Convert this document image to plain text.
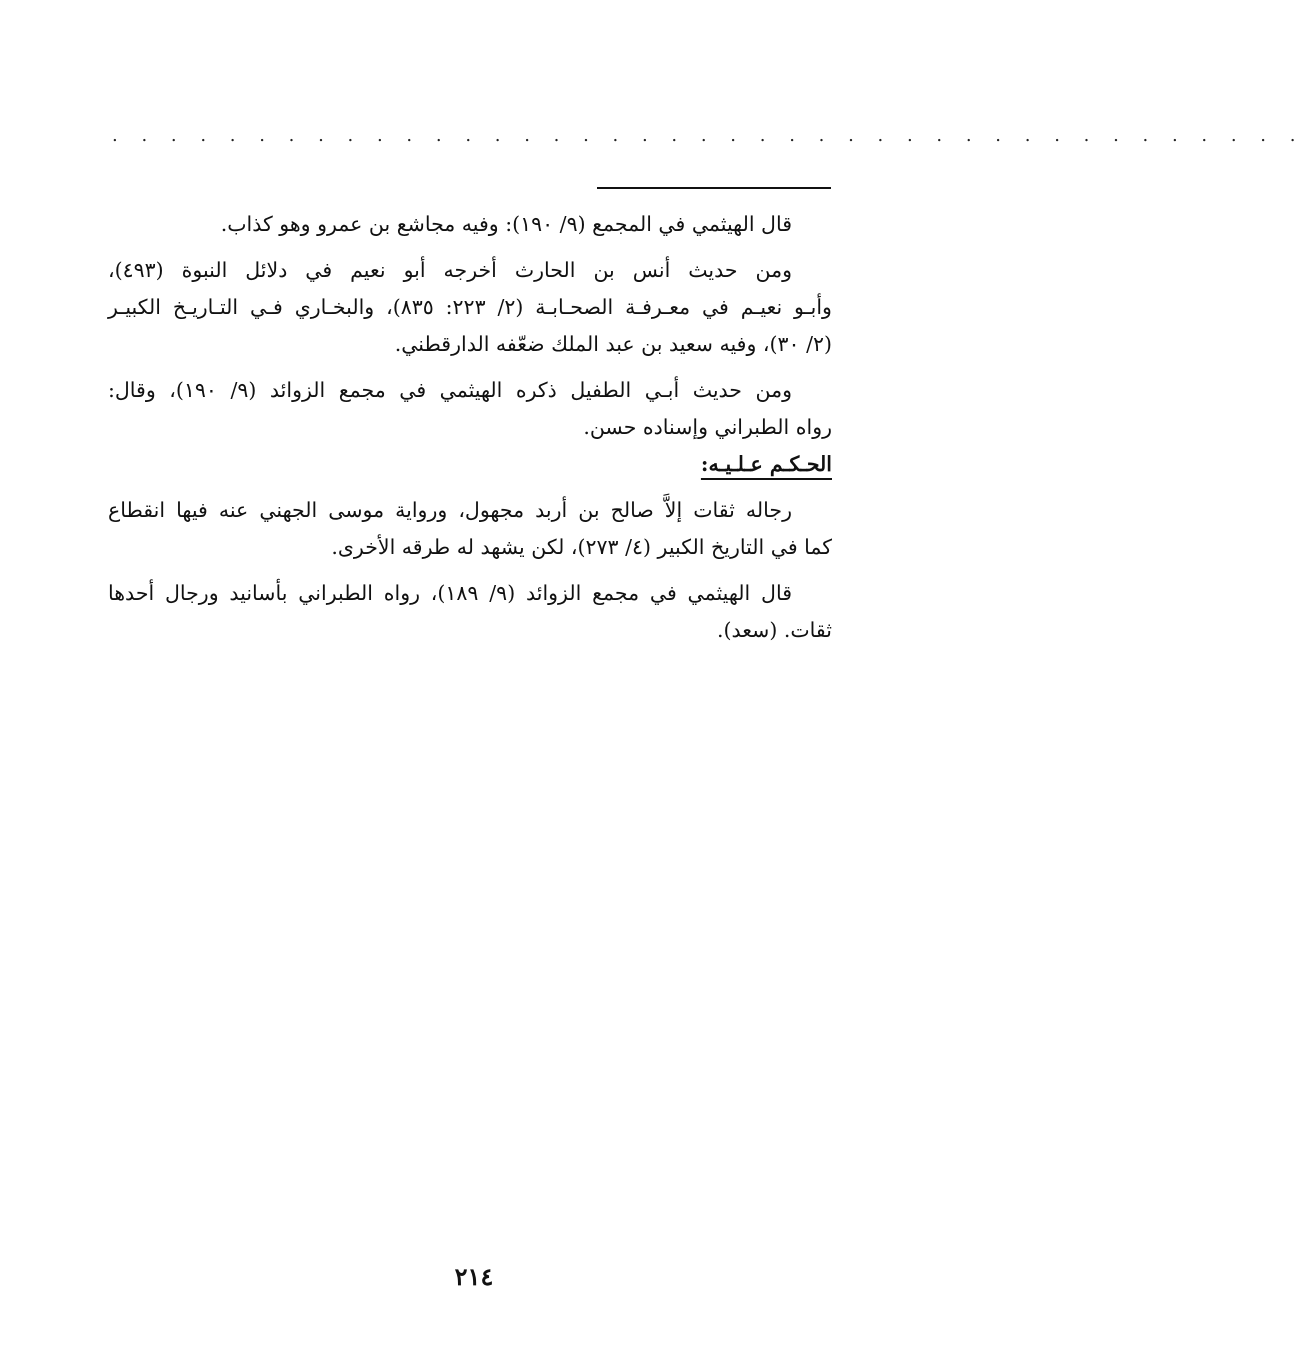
. . . . . . . . . . . . . . . . . . . . . . . . . . . . . . . . . . . . . . . . .
قال الهيثمي في المجمع (٩/ ١٩٠): وفيه مجاشع بن عمرو وهو كذاب.
ومن حديث أنس بن الحارث أخرجه أبو نعيم في دلائل النبوة (٤٩٣)،
وأبـو نعيـم في معـرفـة الصحـابـة (٢/ ٢٢٣: ٨٣٥)، والبخـاري فـي التـاريـخ الكبيـر
(٢/ ٣٠)، وفيه سعيد بن عبد الملك ضعّفه الدارقطني.
ومن حديث أبـي الطفيل ذكره الهيثمي في مجمع الزوائد (٩/ ١٩٠)، وقال:
رواه الطبراني وإسناده حسن.
الحـكـم عـلـيـه:
رجاله ثقات إلاَّ صالح بن أربد مجهول، ورواية موسى الجهني عنه فيها انقطاع
كما في التاريخ الكبير (٤/ ٢٧٣)، لكن يشهد له طرقه الأخرى.
قال الهيثمي في مجمع الزوائد (٩/ ١٨٩)، رواه الطبراني بأسانيد ورجال أحدها
ثقات. (سعد).
٢١٤
